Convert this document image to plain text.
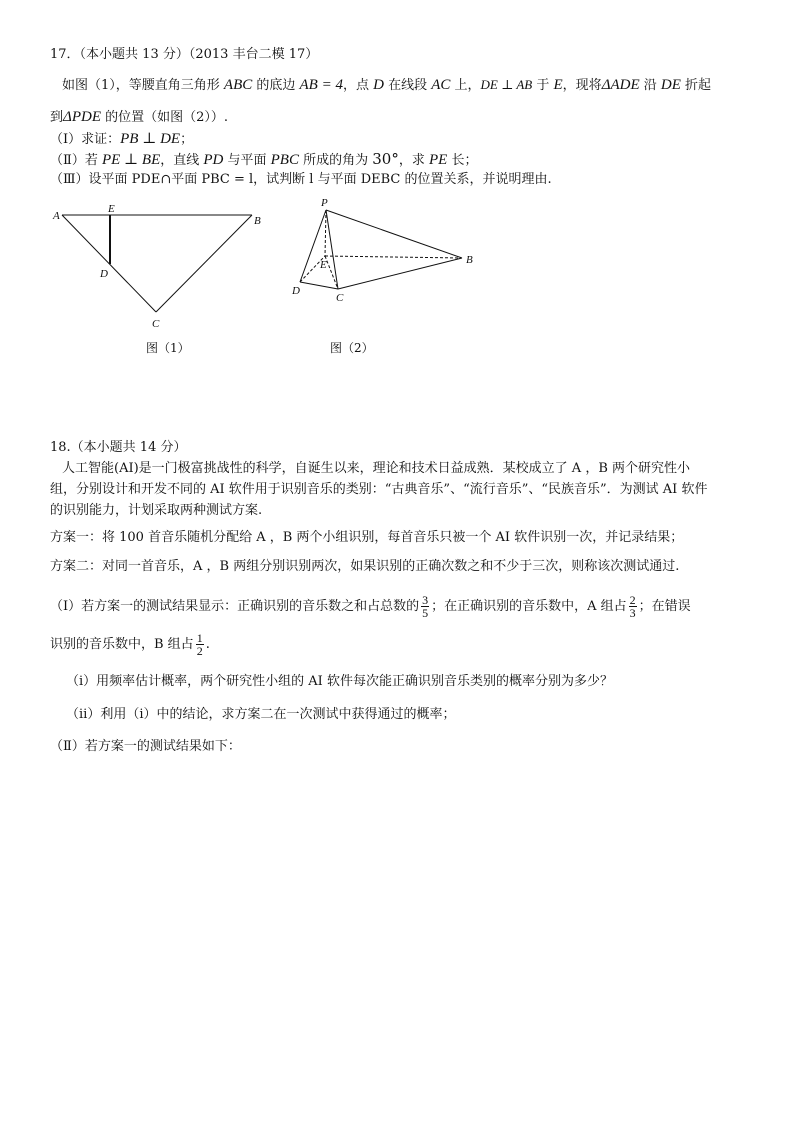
17．（本小题共 13 分）（2013 丰台二模 17）
如图（1），等腰直角三角形 ABC 的底边 AB = 4，点 D 在线段 AC 上，DE ⊥ AB 于 E，现将ΔADE 沿 DE 折起
到ΔPDE 的位置（如图（2））.
（Ⅰ）求证：PB ⊥ DE；
（Ⅱ）若 PE ⊥ BE，直线 PD 与平面 PBC 所成的角为 30°，求 PE 长；
（Ⅲ）设平面 PDE∩平面 PBC = l，试判断 l 与平面 DEBC 的位置关系，并说明理由.
A
E
B
D
C
图（1）
P
E	B
D
C
图（2）
18.（本小题共 14 分）
人工智能(AI)是一门极富挑战性的科学，自诞生以来，理论和技术日益成熟．某校成立了 A ，B 两个研究性小
组，分别设计和开发不同的 AI 软件用于识别音乐的类别：“古典音乐”、“流行音乐”、“民族音乐”．为测试 AI 软件
的识别能力，计划采取两种测试方案.
方案一：将 100 首音乐随机分配给 A ，B 两个小组识别，每首音乐只被一个 AI 软件识别一次，并记录结果；
方案二：对同一首音乐，A ，B 两组分别识别两次，如果识别的正确次数之和不少于三次，则称该次测试通过.
（Ⅰ）若方案一的测试结果显示：正确识别的音乐数之和占总数的 $\frac{3}{5}$ ；在正确识别的音乐数中，A 组占 $\frac{2}{3}$ ；在错误
识别的音乐数中，B 组占 $\frac{1}{2}$ .
（ⅰ）用频率估计概率，两个研究性小组的 AI 软件每次能正确识别音乐类别的概率分别为多少？
（ⅱ）利用（ⅰ）中的结论，求方案二在一次测试中获得通过的概率；
（Ⅱ）若方案一的测试结果如下：
